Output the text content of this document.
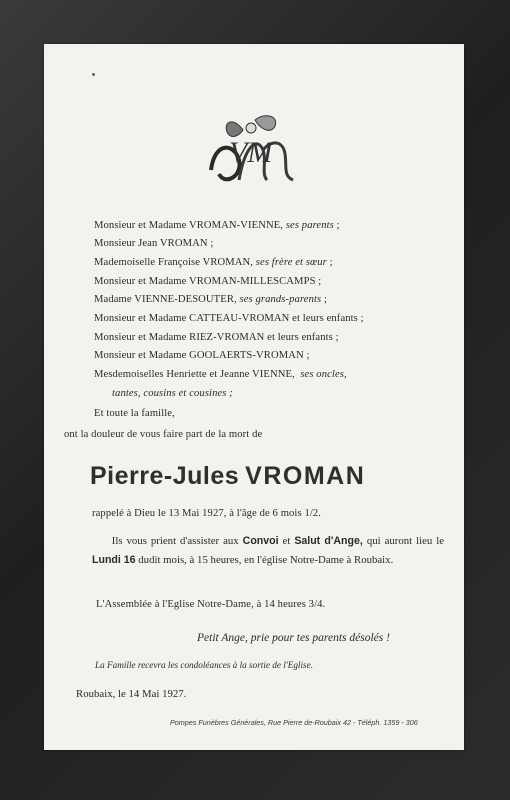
VM
Monsieur et Madame VROMAN-VIENNE, ses parents ;
Monsieur Jean VROMAN ;
Mademoiselle Françoise VROMAN, ses frère et sœur ;
Monsieur et Madame VROMAN-MILLESCAMPS ;
Madame VIENNE-DESOUTER, ses grands-parents ;
Monsieur et Madame CATTEAU-VROMAN et leurs enfants ;
Monsieur et Madame RIEZ-VROMAN et leurs enfants ;
Monsieur et Madame GOOLAERTS-VROMAN ;
Mesdemoiselles Henriette et Jeanne VIENNE, ses oncles,
tantes, cousins et cousines ;
Et toute la famille,
ont la douleur de vous faire part de la mort de
Pierre-Jules VROMAN
rappelé à Dieu le 13 Mai 1927, à l'âge de 6 mois 1/2.
Ils vous prient d'assister aux Convoi et Salut d'Ange, qui auront lieu le Lundi 16 dudit mois, à 15 heures, en l'église Notre-Dame à Roubaix.
L'Assemblée à l'Eglise Notre-Dame, à 14 heures 3/4.
Petit Ange, prie pour tes parents désolés !
La Famille recevra les condoléances à la sortie de l'Eglise.
Roubaix, le 14 Mai 1927.
Pompes Funèbres Générales, Rue Pierre de-Roubaix 42 - Téléph. 1359 - 306
